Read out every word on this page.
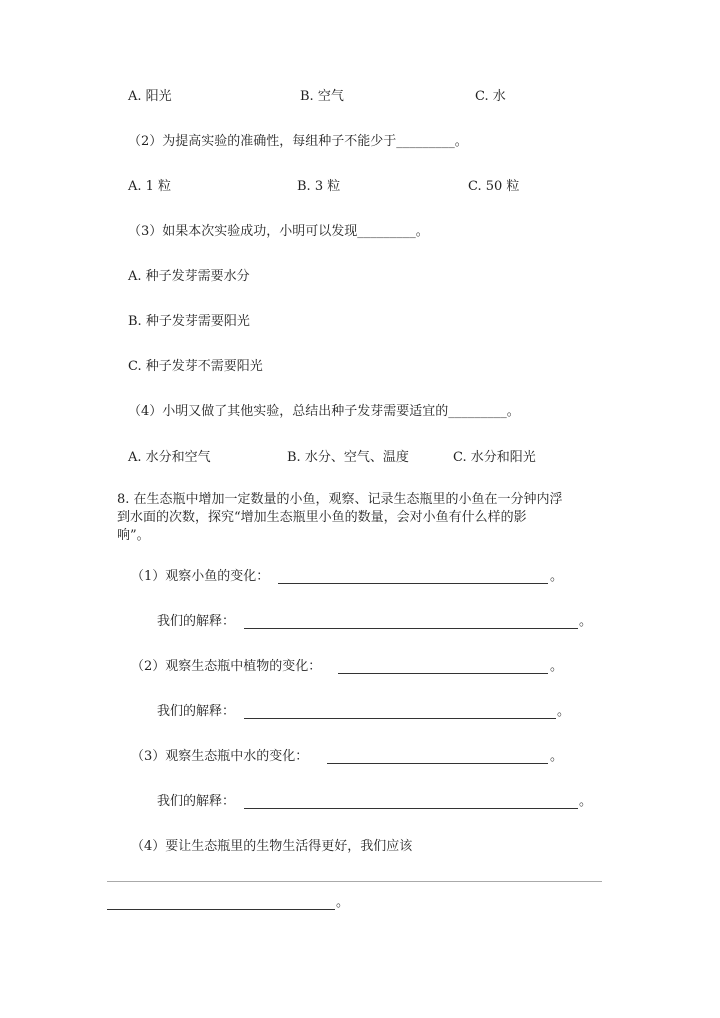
A. 阳光	B. 空气	C. 水
（2）为提高实验的准确性，每组种子不能少于_________。
A. 1 粒	B. 3 粒	C. 50 粒
（3）如果本次实验成功，小明可以发现_________。
A. 种子发芽需要水分
B. 种子发芽需要阳光
C. 种子发芽不需要阳光
（4）小明又做了其他实验，总结出种子发芽需要适宜的_________。
A. 水分和空气	B. 水分、空气、温度	C. 水分和阳光
8. 在生态瓶中增加一定数量的小鱼，观察、记录生态瓶里的小鱼在一分钟内浮
到水面的次数，探究“增加生态瓶里小鱼的数量，会对小鱼有什么样的影
响”。
（1）观察小鱼的变化：	。
我们的解释：	。
（2）观察生态瓶中植物的变化：	。
我们的解释：	。
（3）观察生态瓶中水的变化：	。
我们的解释：	。
（4）要让生态瓶里的生物生活得更好，我们应该
。
